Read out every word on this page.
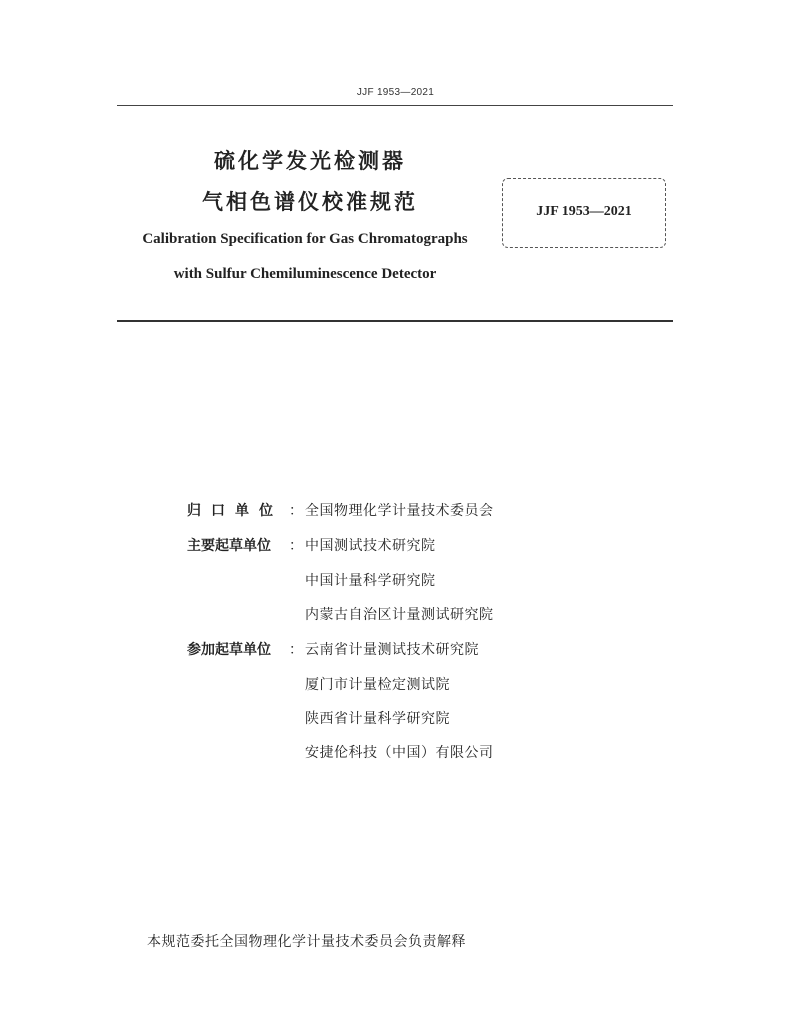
JJF 1953—2021
硫化学发光检测器
气相色谱仪校准规范
Calibration Specification for Gas Chromatographs
with Sulfur Chemiluminescence Detector
JJF 1953—2021
归口单位 ： 全国物理化学计量技术委员会
主要起草单位	： 中国测试技术研究院
中国计量科学研究院
内蒙古自治区计量测试研究院
参加起草单位	： 云南省计量测试技术研究院
厦门市计量检定测试院
陕西省计量科学研究院
安捷伦科技（中国）有限公司
本规范委托全国物理化学计量技术委员会负责解释
